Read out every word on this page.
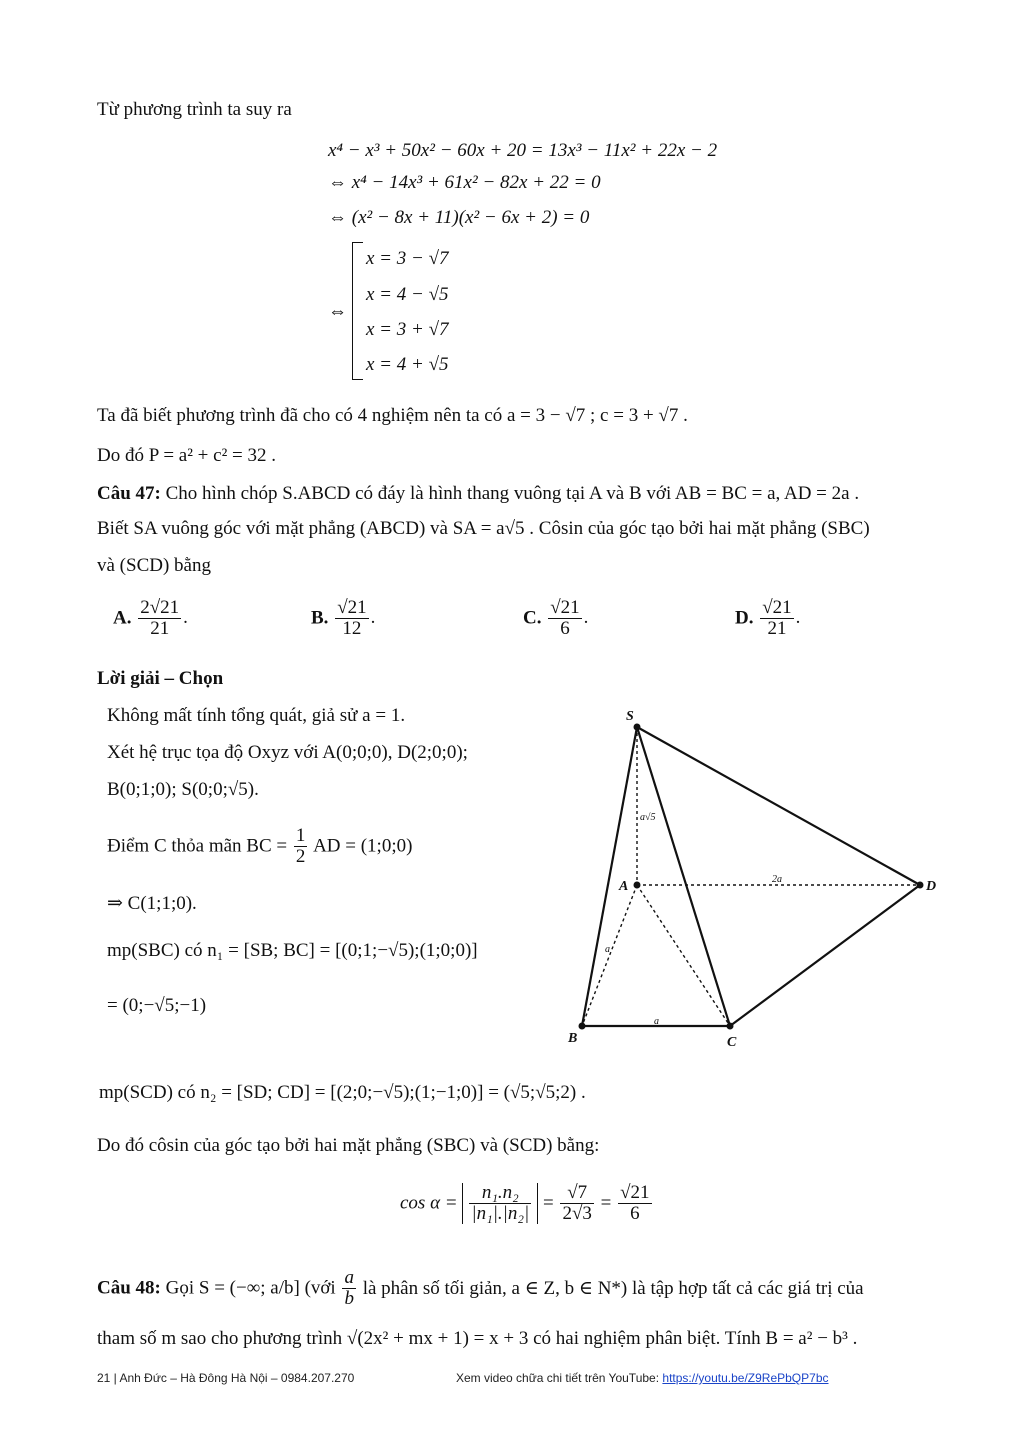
Từ phương trình ta suy ra
x⁴ − x³ + 50x² − 60x + 20 = 13x³ − 11x² + 22x − 2
⇔ x⁴ − 14x³ + 61x² − 82x + 22 = 0
⇔ (x² − 8x + 11)(x² − 6x + 2) = 0
⇔
x = 3 − √7
x = 4 − √5
x = 3 + √7
x = 4 + √5
Ta đã biết phương trình đã cho có 4 nghiệm nên ta có a = 3 − √7 ; c = 3 + √7 .
Do đó P = a² + c² = 32 .
Câu 47: Cho hình chóp S.ABCD có đáy là hình thang vuông tại A và B với AB = BC = a, AD = 2a .
Biết SA vuông góc với mặt phẳng (ABCD) và SA = a√5 . Côsin của góc tạo bởi hai mặt phẳng (SBC)
và (SCD) bằng
A. $\frac{2√21}{21}$ .	B. $\frac{√21}{12}$ .	C. $\frac{√21}{6}$ .	D. $\frac{√21}{21}$ .
Lời giải – Chọn
Không mất tính tổng quát, giả sử a = 1.
Xét hệ trục tọa độ Oxyz với A(0;0;0), D(2;0;0);
B(0;1;0); S(0;0;√5).
Điểm C thỏa mãn BC = $\frac{1}{2}$ AD = (1;0;0)
⇒ C(1;1;0).
mp(SBC) có n₁ = [SB; BC] = [(0;1;−√5);(1;0;0)]
= (0;−√5;−1)
mp(SCD) có n₂ = [SD; CD] = [(2;0;−√5);(1;−1;0)] = (√5;√5;2) .
Do đó côsin của góc tạo bởi hai mặt phẳng (SBC) và (SCD) bằng:
$\cos \alpha = \frac{\text{n₁.n₂}}{\text{|n₁|.|n₂|}} = \frac{√7}{2√3} = \frac{√21}{6}$
S
A
B	C
D
a√5
2a
a
a
Câu 48: Gọi S = (−∞; a/b] (với $\frac{a}{b}$ là phân số tối giản, a ∈ Z, b ∈ N*) là tập hợp tất cả các giá trị của
tham số m sao cho phương trình √(2x² + mx + 1) = x + 3 có hai nghiệm phân biệt. Tính B = a² − b³ .
21 | Anh Đức – Hà Đông Hà Nội – 0984.207.270	Xem video chữa chi tiết trên YouTube: https://youtu.be/Z9RePbQP7bc
